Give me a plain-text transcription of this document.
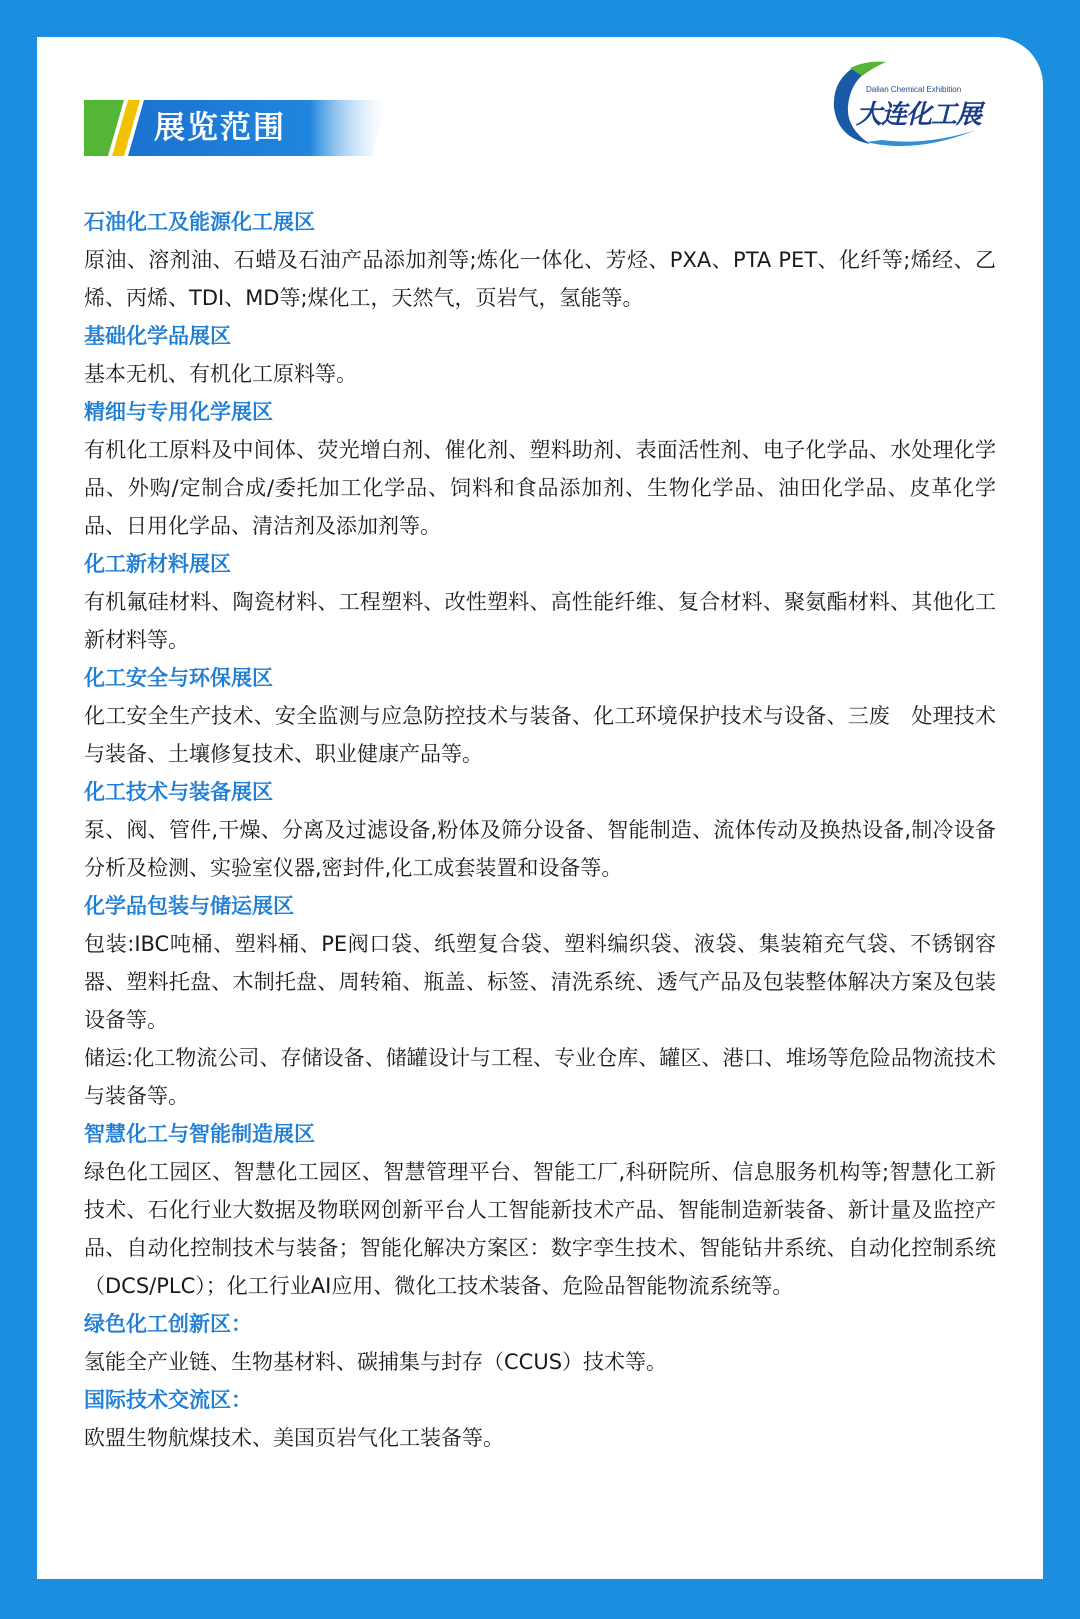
展览范围
Dalian Chemical Exhibition
大连化工展
石油化工及能源化工展区
原油、溶剂油、石蜡及石油产品添加剂等;炼化一体化、芳烃、PXA、PTA PET、化纤等;烯经、乙烯、丙烯、TDI、MD等;煤化工，天然气，页岩气，氢能等。
基础化学品展区
基本无机、有机化工原料等。
精细与专用化学展区
有机化工原料及中间体、荧光增白剂、催化剂、塑料助剂、表面活性剂、电子化学品、水处理化学品、外购/定制合成/委托加工化学品、饲料和食品添加剂、生物化学品、油田化学品、皮革化学品、日用化学品、清洁剂及添加剂等。
化工新材料展区
有机氟硅材料、陶瓷材料、工程塑料、改性塑料、高性能纤维、复合材料、聚氨酯材料、其他化工新材料等。
化工安全与环保展区
化工安全生产技术、安全监测与应急防控技术与装备、化工环境保护技术与设备、三废　处理技术与装备、土壤修复技术、职业健康产品等。
化工技术与装备展区
泵、阀、管件,干燥、分离及过滤设备,粉体及筛分设备、智能制造、流体传动及换热设备,制冷设备分析及检测、实验室仪器,密封件,化工成套装置和设备等。
化学品包装与储运展区
包装:IBC吨桶、塑料桶、PE阀口袋、纸塑复合袋、塑料编织袋、液袋、集装箱充气袋、不锈钢容器、塑料托盘、木制托盘、周转箱、瓶盖、标签、清洗系统、透气产品及包装整体解决方案及包装设备等。
储运:化工物流公司、存储设备、储罐设计与工程、专业仓库、罐区、港口、堆场等危险品物流技术与装备等。
智慧化工与智能制造展区
绿色化工园区、智慧化工园区、智慧管理平台、智能工厂,科研院所、信息服务机构等;智慧化工新技术、石化行业大数据及物联网创新平台人工智能新技术产品、智能制造新装备、新计量及监控产品、自动化控制技术与装备；智能化解决方案区：数字孪生技术、智能钻井系统、自动化控制系统（DCS/PLC）；化工行业AI应用、微化工技术装备、危险品智能物流系统等。
绿色化工创新区：
氢能全产业链、生物基材料、碳捕集与封存（CCUS）技术等。
国际技术交流区：
欧盟生物航煤技术、美国页岩气化工装备等。
